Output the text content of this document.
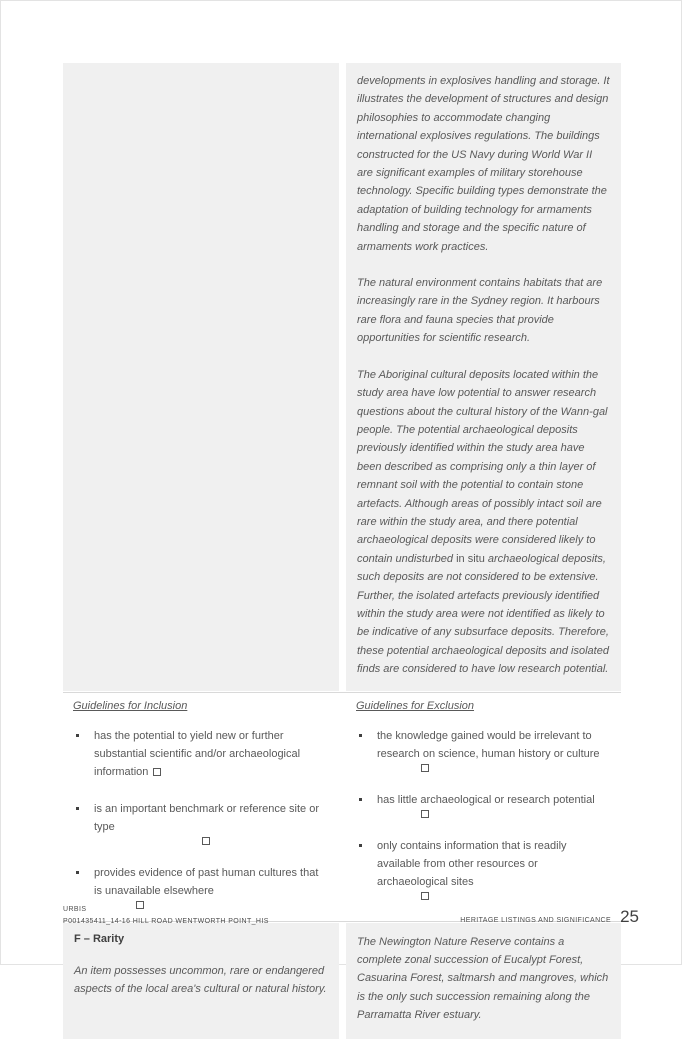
developments in explosives handling and storage. It illustrates the development of structures and design philosophies to accommodate changing international explosives regulations. The buildings constructed for the US Navy during World War II are significant examples of military storehouse technology. Specific building types demonstrate the adaptation of building technology for armaments handling and storage and the specific nature of armaments work practices.

The natural environment contains habitats that are increasingly rare in the Sydney region. It harbours rare flora and fauna species that provide opportunities for scientific research.

The Aboriginal cultural deposits located within the study area have low potential to answer research questions about the cultural history of the Wann-gal people. The potential archaeological deposits previously identified within the study area have been described as comprising only a thin layer of remnant soil with the potential to contain stone artefacts. Although areas of possibly intact soil are rare within the study area, and there potential archaeological deposits were considered likely to contain undisturbed in situ archaeological deposits, such deposits are not considered to be extensive. Further, the isolated artefacts previously identified within the study area were not identified as likely to be indicative of any subsurface deposits. Therefore, these potential archaeological deposits and isolated finds are considered to have low research potential.

Guidelines for Inclusion
has the potential to yield new or further substantial scientific and/or archaeological information
is an important benchmark or reference site or type
provides evidence of past human cultures that is unavailable elsewhere
Guidelines for Exclusion
the knowledge gained would be irrelevant to research on science, human history or culture
has little archaeological or research potential
only contains information that is readily available from other resources or archaeological sites
F – Rarity
An item possesses uncommon, rare or endangered aspects of the local area's cultural or natural history.
The Newington Nature Reserve contains a complete zonal succession of Eucalypt Forest, Casuarina Forest, saltmarsh and mangroves, which is the only such succession remaining along the Parramatta River estuary.
URBIS
P001435411_14-16 HILL ROAD WENTWORTH POINT_HIS	HERITAGE LISTINGS AND SIGNIFICANCE 25
